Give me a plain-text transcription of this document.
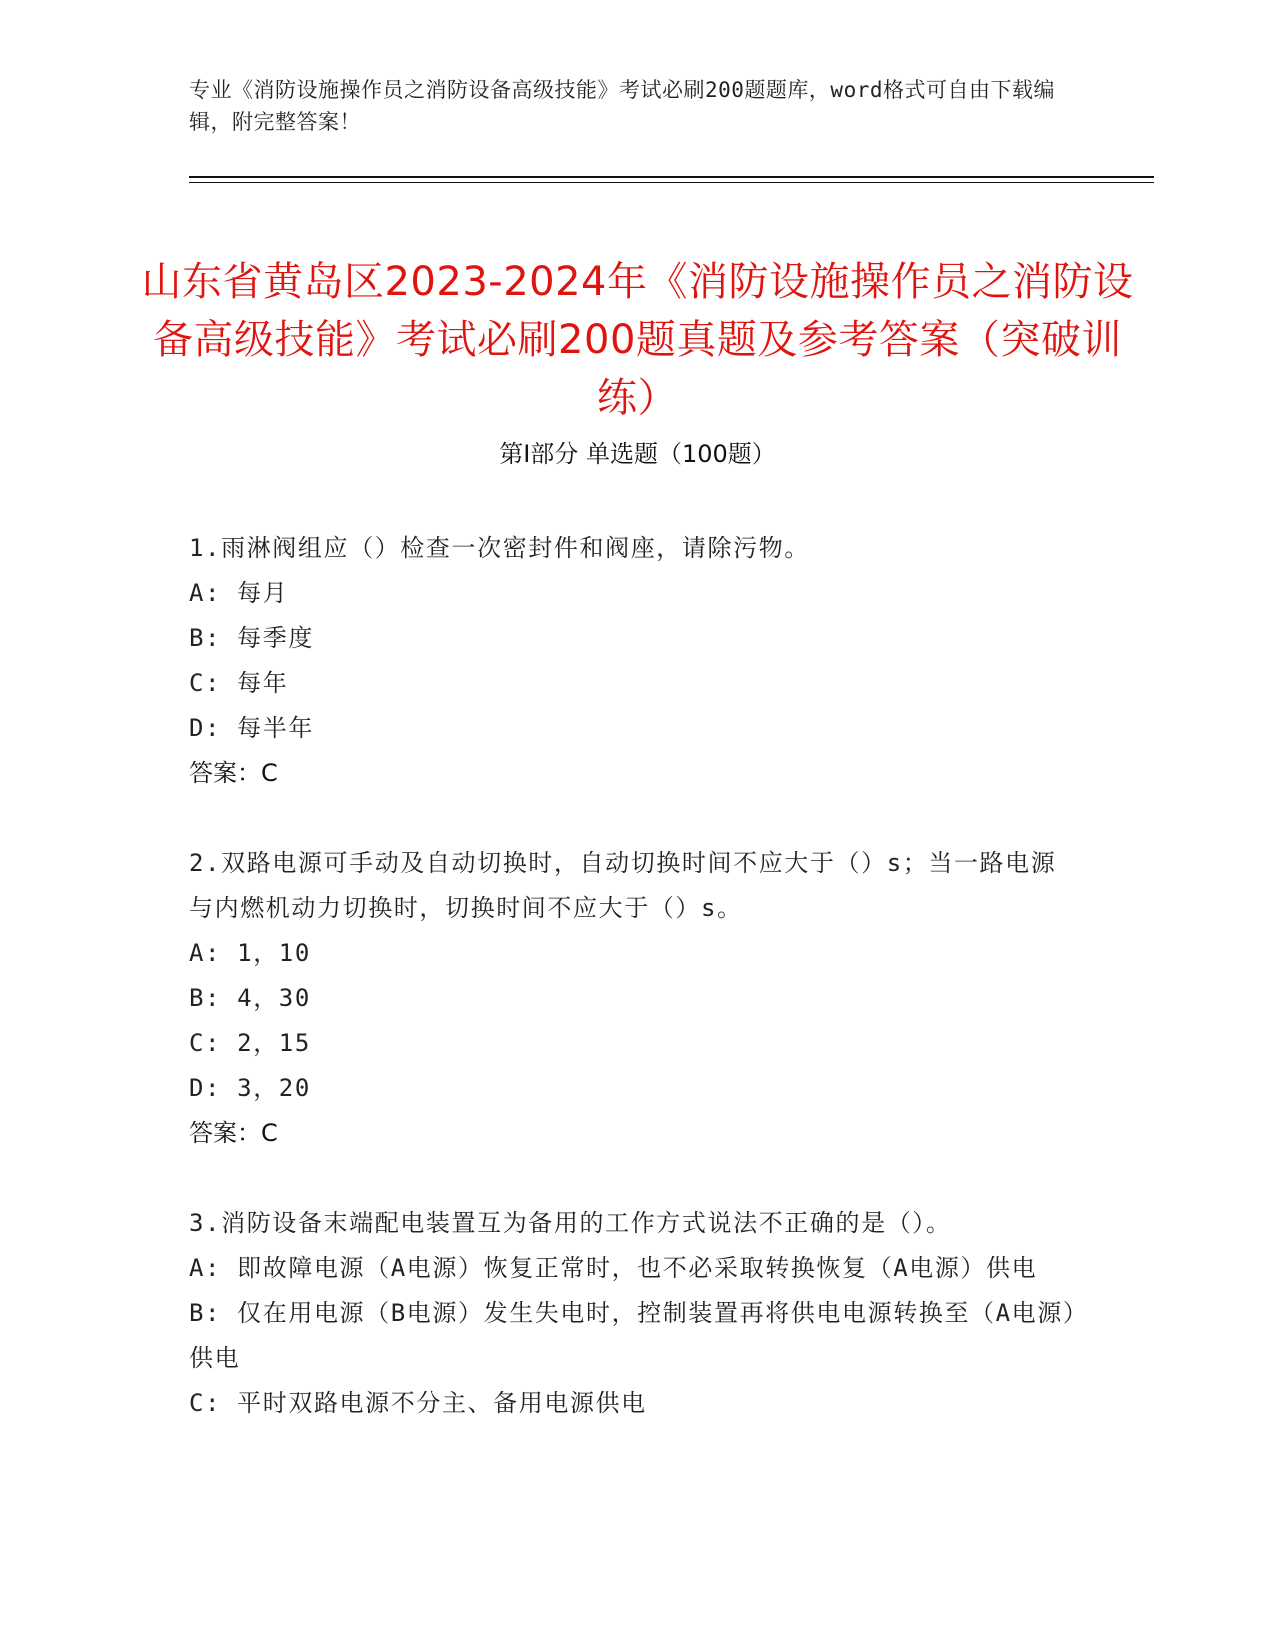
专业《消防设施操作员之消防设备高级技能》考试必刷200题题库，word格式可自由下载编辑，附完整答案！
山东省黄岛区2023-2024年《消防设施操作员之消防设备高级技能》考试必刷200题真题及参考答案（突破训练）
第Ⅰ部分 单选题（100题）

1.雨淋阀组应（）检查一次密封件和阀座，请除污物。

A: 每月

B: 每季度

C: 每年

D: 每半年

答案：C

2.双路电源可手动及自动切换时，自动切换时间不应大于（）s；当一路电源与内燃机动力切换时，切换时间不应大于（）s。

A: 1，10

B: 4，30

C: 2，15

D: 3，20

答案：C

3.消防设备末端配电装置互为备用的工作方式说法不正确的是（）。

A: 即故障电源（A电源）恢复正常时，也不必采取转换恢复（A电源）供电

B: 仅在用电源（B电源）发生失电时，控制装置再将供电电源转换至（A电源）供电

C: 平时双路电源不分主、备用电源供电
